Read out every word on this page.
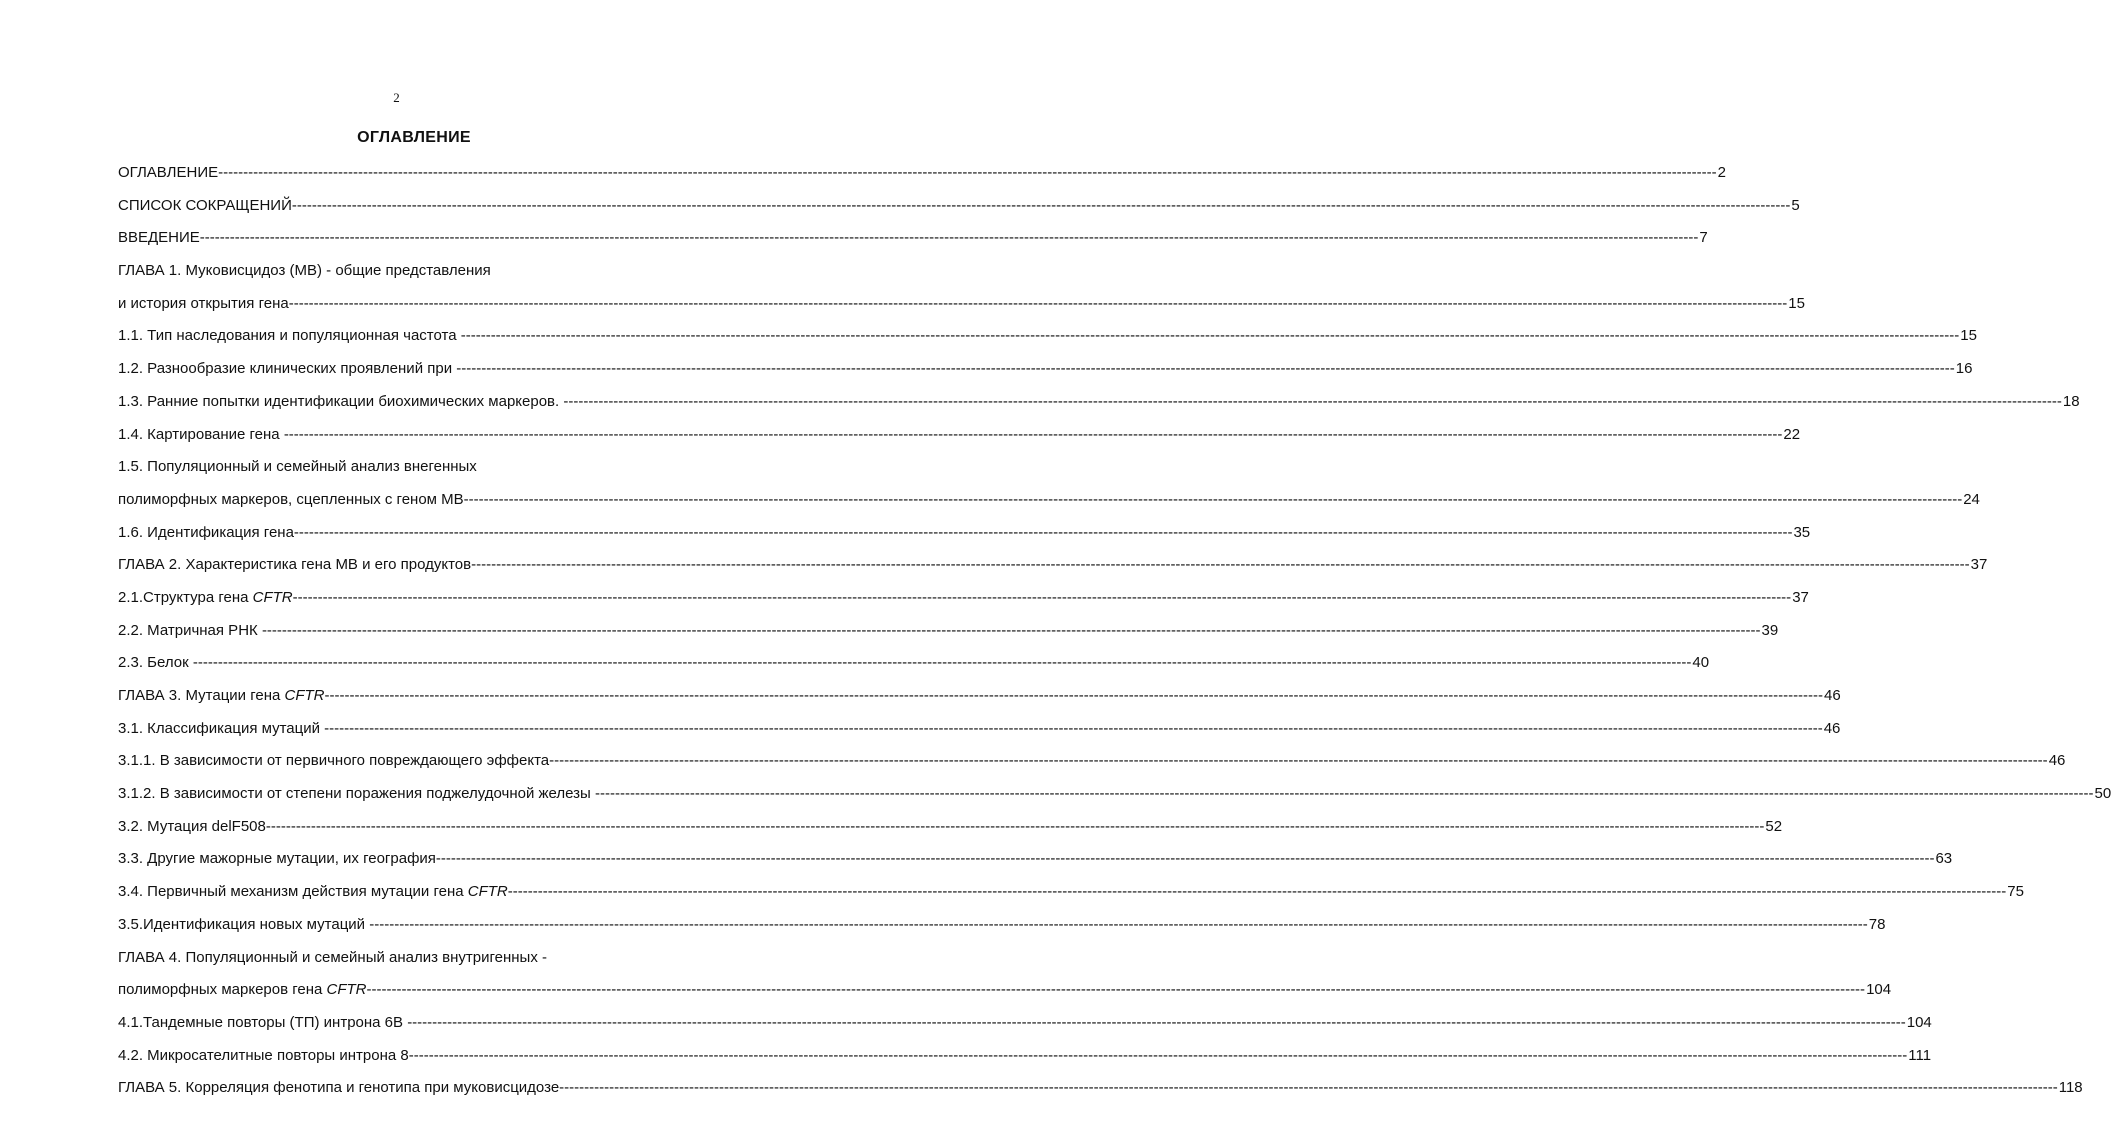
2
ОГЛАВЛЕНИЕ
ОГЛАВЛЕНИЕ------------------------------------------------------------------------------------------------------------------------------------------------------------------------------------------------------------------------------------------------------------------------------------------------------------ 2
СПИСОК СОКРАЩЕНИЙ------------------------------------------------------------------------------------------------------------------------------------------------------------------------------------------------------------------------------------------------------------------------------------------------------------ 5
ВВЕДЕНИЕ------------------------------------------------------------------------------------------------------------------------------------------------------------------------------------------------------------------------------------------------------------------------------------------------------------ 7
ГЛАВА 1. Муковисцидоз (МВ) - общие представления
и история открытия гена------------------------------------------------------------------------------------------------------------------------------------------------------------------------------------------------------------------------------------------------------------------------------------------------------------ 15
1.1. Тип наследования и популяционная частота ------------------------------------------------------------------------------------------------------------------------------------------------------------------------------------------------------------------------------------------------------------------------------------------------------------ 15
1.2. Разнообразие клинических проявлений при ------------------------------------------------------------------------------------------------------------------------------------------------------------------------------------------------------------------------------------------------------------------------------------------------------------ 16
1.3. Ранние попытки идентификации биохимических маркеров. ------------------------------------------------------------------------------------------------------------------------------------------------------------------------------------------------------------------------------------------------------------------------------------------------------------ 18
1.4. Картирование гена ------------------------------------------------------------------------------------------------------------------------------------------------------------------------------------------------------------------------------------------------------------------------------------------------------------ 22
1.5. Популяционный и семейный анализ внегенных
полиморфных маркеров, сцепленных с геном МВ------------------------------------------------------------------------------------------------------------------------------------------------------------------------------------------------------------------------------------------------------------------------------------------------------------ 24
1.6. Идентификация гена------------------------------------------------------------------------------------------------------------------------------------------------------------------------------------------------------------------------------------------------------------------------------------------------------------ 35
ГЛАВА 2. Характеристика гена МВ и его продуктов------------------------------------------------------------------------------------------------------------------------------------------------------------------------------------------------------------------------------------------------------------------------------------------------------------ 37
2.1.Структура гена CFTR------------------------------------------------------------------------------------------------------------------------------------------------------------------------------------------------------------------------------------------------------------------------------------------------------------ 37
2.2. Матричная РНК ------------------------------------------------------------------------------------------------------------------------------------------------------------------------------------------------------------------------------------------------------------------------------------------------------------ 39
2.3. Белок ------------------------------------------------------------------------------------------------------------------------------------------------------------------------------------------------------------------------------------------------------------------------------------------------------------ 40
ГЛАВА 3. Мутации гена CFTR------------------------------------------------------------------------------------------------------------------------------------------------------------------------------------------------------------------------------------------------------------------------------------------------------------ 46
3.1. Классификация мутаций ------------------------------------------------------------------------------------------------------------------------------------------------------------------------------------------------------------------------------------------------------------------------------------------------------------ 46
3.1.1. В зависимости от первичного повреждающего эффекта------------------------------------------------------------------------------------------------------------------------------------------------------------------------------------------------------------------------------------------------------------------------------------------------------------ 46
3.1.2. В зависимости от степени поражения поджелудочной железы ------------------------------------------------------------------------------------------------------------------------------------------------------------------------------------------------------------------------------------------------------------------------------------------------------------ 50
3.2. Мутация delF508------------------------------------------------------------------------------------------------------------------------------------------------------------------------------------------------------------------------------------------------------------------------------------------------------------ 52
3.3. Другие мажорные мутации, их география------------------------------------------------------------------------------------------------------------------------------------------------------------------------------------------------------------------------------------------------------------------------------------------------------------ 63
3.4. Первичный механизм действия мутации гена CFTR------------------------------------------------------------------------------------------------------------------------------------------------------------------------------------------------------------------------------------------------------------------------------------------------------------ 75
3.5.Идентификация новых мутаций ------------------------------------------------------------------------------------------------------------------------------------------------------------------------------------------------------------------------------------------------------------------------------------------------------------ 78
ГЛАВА 4. Популяционный и семейный анализ внутригенных -
полиморфных маркеров гена CFTR------------------------------------------------------------------------------------------------------------------------------------------------------------------------------------------------------------------------------------------------------------------------------------------------------------ 104
4.1.Тандемные повторы (ТП) интрона 6В ------------------------------------------------------------------------------------------------------------------------------------------------------------------------------------------------------------------------------------------------------------------------------------------------------------ 104
4.2. Микросателитные повторы интрона 8------------------------------------------------------------------------------------------------------------------------------------------------------------------------------------------------------------------------------------------------------------------------------------------------------------ 111
ГЛАВА 5. Корреляция фенотипа и генотипа при муковисцидозе------------------------------------------------------------------------------------------------------------------------------------------------------------------------------------------------------------------------------------------------------------------------------------------------------------ 118
